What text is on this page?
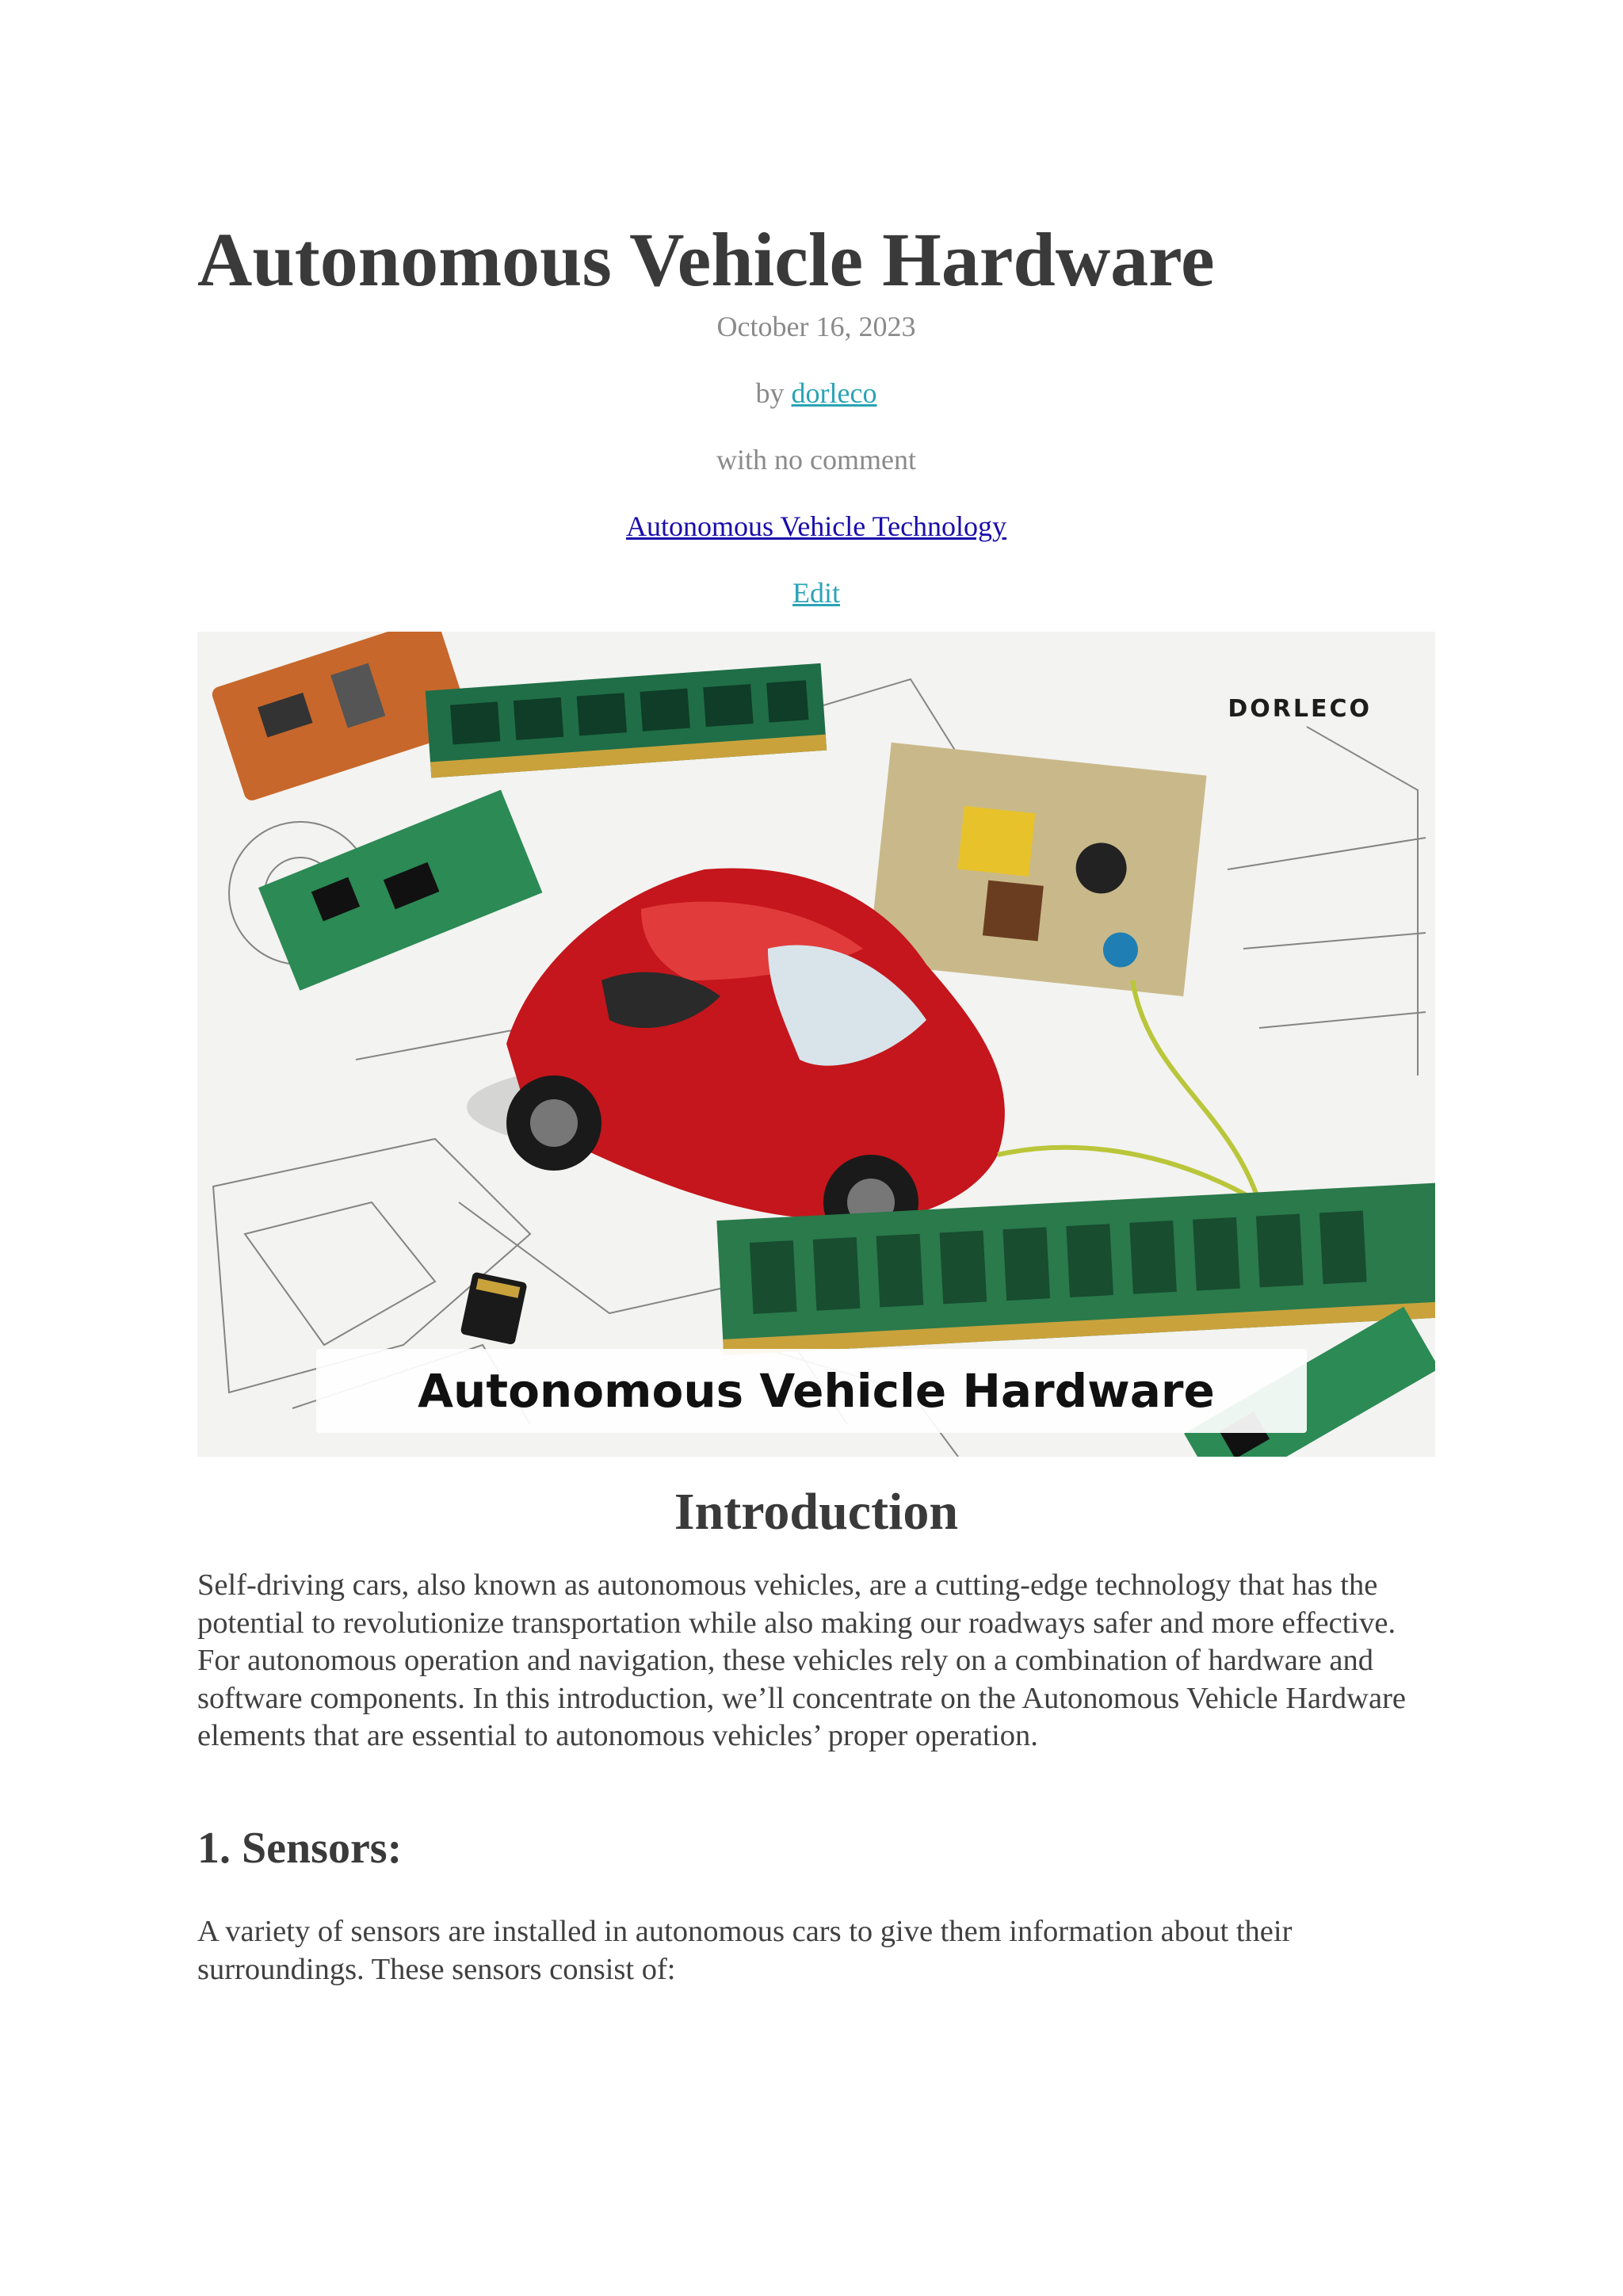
Autonomous Vehicle Hardware
October 16, 2023
by dorleco
with no comment
Autonomous Vehicle Technology
Edit
DORLECO
Autonomous Vehicle Hardware
Introduction

Self-driving cars, also known as autonomous vehicles, are a cutting-edge technology that has the potential to revolutionize transportation while also making our roadways safer and more effective. For autonomous operation and navigation, these vehicles rely on a combination of hardware and software components. In this introduction, we’ll concentrate on the Autonomous Vehicle Hardware elements that are essential to autonomous vehicles’ proper operation.

1. Sensors:

A variety of sensors are installed in autonomous cars to give them information about their surroundings. These sensors consist of:
